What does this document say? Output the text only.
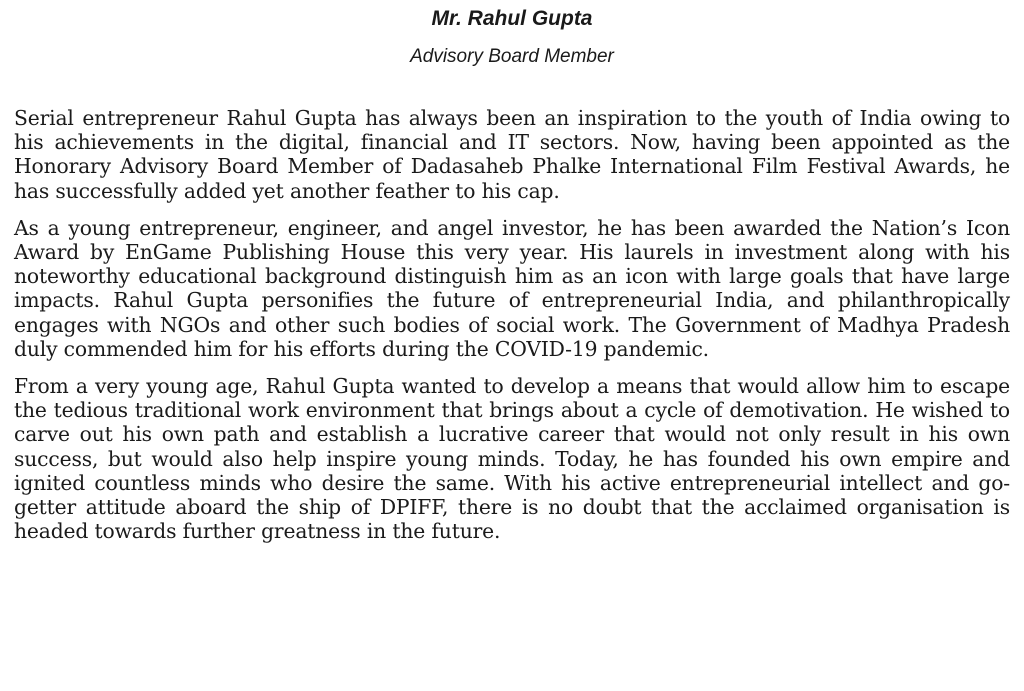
Mr. Rahul Gupta
Advisory Board Member

Serial entrepreneur Rahul Gupta has always been an inspiration to the youth of India owing to his achievements in the digital, financial and IT sectors. Now, having been appointed as the Honorary Advisory Board Member of Dadasaheb Phalke International Film Festival Awards, he has successfully added yet another feather to his cap.

As a young entrepreneur, engineer, and angel investor, he has been awarded the Nation’s Icon Award by EnGame Publishing House this very year. His laurels in investment along with his noteworthy educational background distinguish him as an icon with large goals that have large impacts. Rahul Gupta personifies the future of entrepreneurial India, and philanthropically engages with NGOs and other such bodies of social work. The Government of Madhya Pradesh duly commended him for his efforts during the COVID-19 pandemic.

From a very young age, Rahul Gupta wanted to develop a means that would allow him to escape the tedious traditional work environment that brings about a cycle of demotivation. He wished to carve out his own path and establish a lucrative career that would not only result in his own success, but would also help inspire young minds. Today, he has founded his own empire and ignited countless minds who desire the same. With his active entrepreneurial intellect and go-getter attitude aboard the ship of DPIFF, there is no doubt that the acclaimed organisation is headed towards further greatness in the future.
